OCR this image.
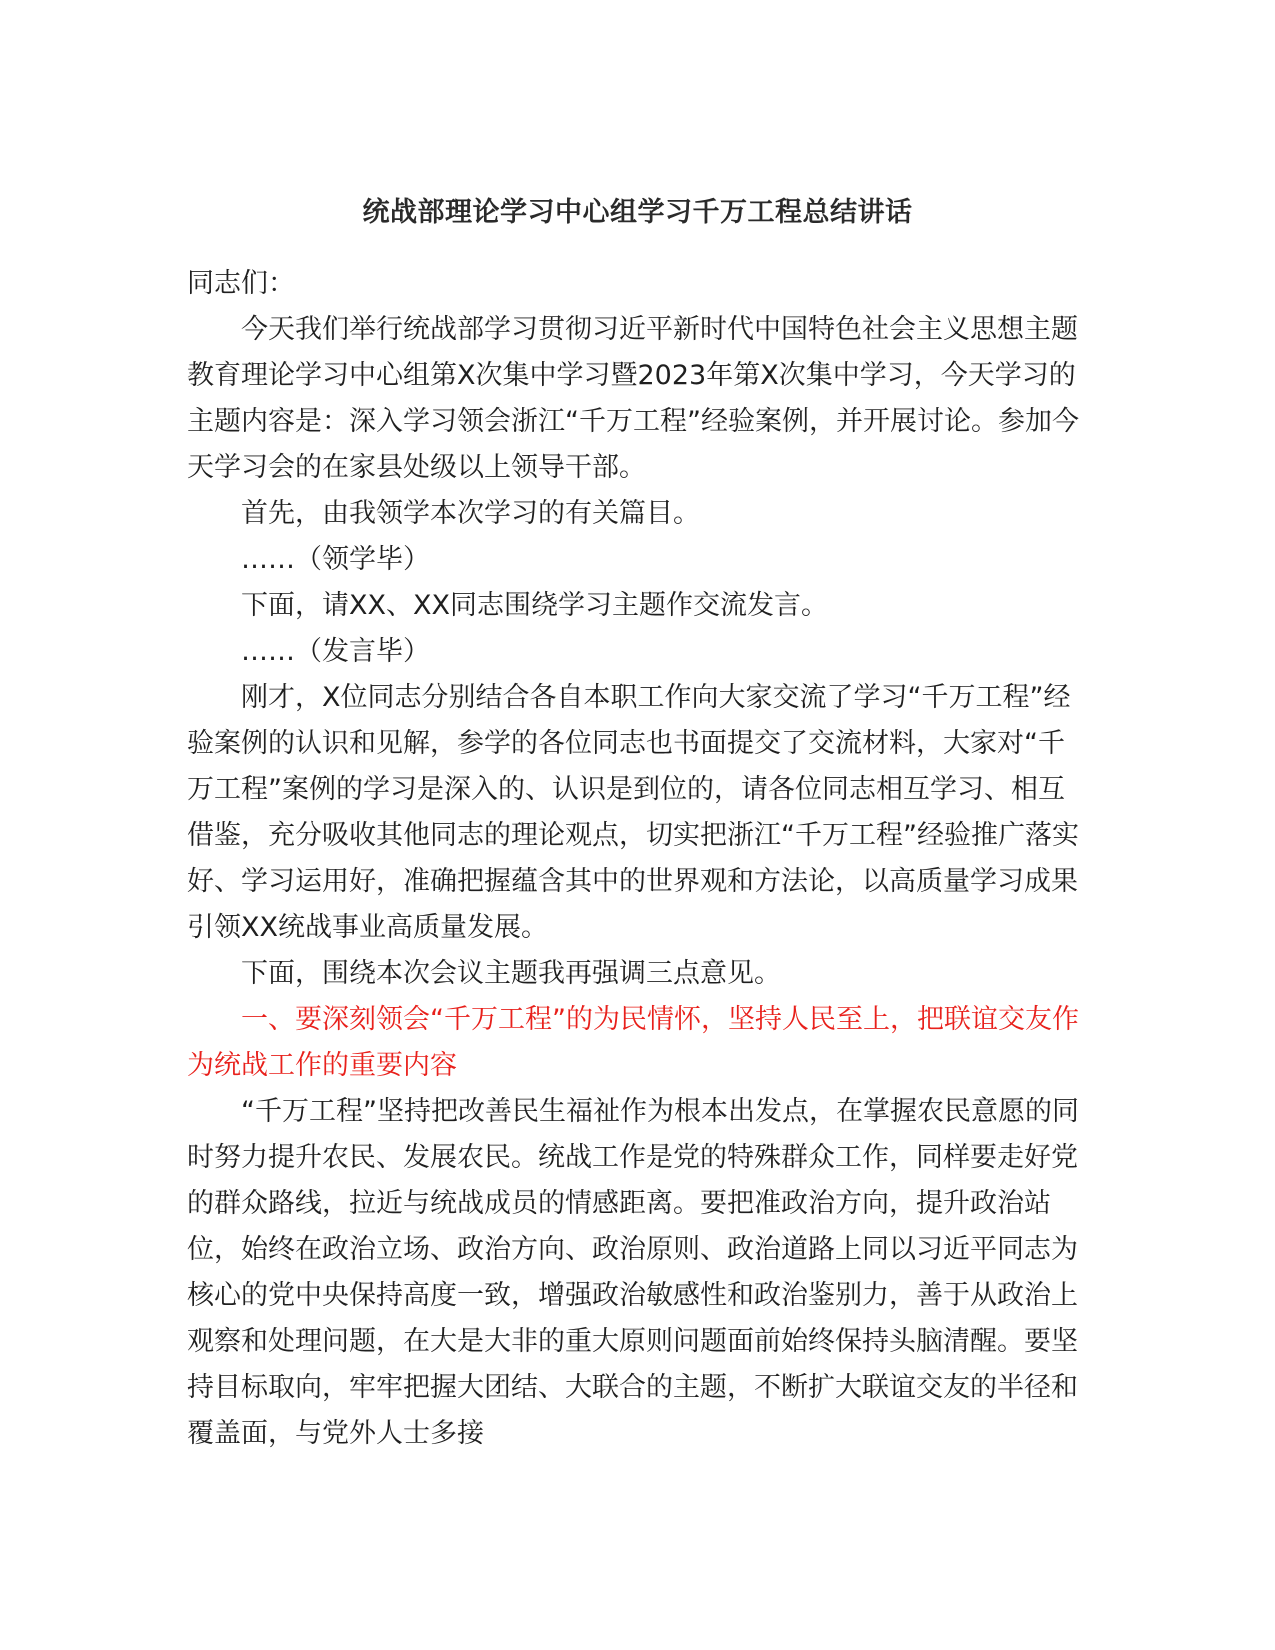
统战部理论学习中心组学习千万工程总结讲话

同志们：

今天我们举行统战部学习贯彻习近平新时代中国特色社会主义思想主题教育理论学习中心组第X次集中学习暨2023年第X次集中学习，今天学习的主题内容是：深入学习领会浙江“千万工程”经验案例，并开展讨论。参加今天学习会的在家县处级以上领导干部。

首先，由我领学本次学习的有关篇目。

……（领学毕）

下面，请XX、XX同志围绕学习主题作交流发言。

……（发言毕）

刚才，X位同志分别结合各自本职工作向大家交流了学习“千万工程”经验案例的认识和见解，参学的各位同志也书面提交了交流材料，大家对“千万工程”案例的学习是深入的、认识是到位的，请各位同志相互学习、相互借鉴，充分吸收其他同志的理论观点，切实把浙江“千万工程”经验推广落实好、学习运用好，准确把握蕴含其中的世界观和方法论，以高质量学习成果引领XX统战事业高质量发展。

下面，围绕本次会议主题我再强调三点意见。

一、要深刻领会“千万工程”的为民情怀，坚持人民至上，把联谊交友作为统战工作的重要内容

“千万工程”坚持把改善民生福祉作为根本出发点，在掌握农民意愿的同时努力提升农民、发展农民。统战工作是党的特殊群众工作，同样要走好党的群众路线，拉近与统战成员的情感距离。要把准政治方向，提升政治站位，始终在政治立场、政治方向、政治原则、政治道路上同以习近平同志为核心的党中央保持高度一致，增强政治敏感性和政治鉴别力，善于从政治上观察和处理问题，在大是大非的重大原则问题面前始终保持头脑清醒。要坚持目标取向，牢牢把握大团结、大联合的主题，不断扩大联谊交友的半径和覆盖面，与党外人士多接
